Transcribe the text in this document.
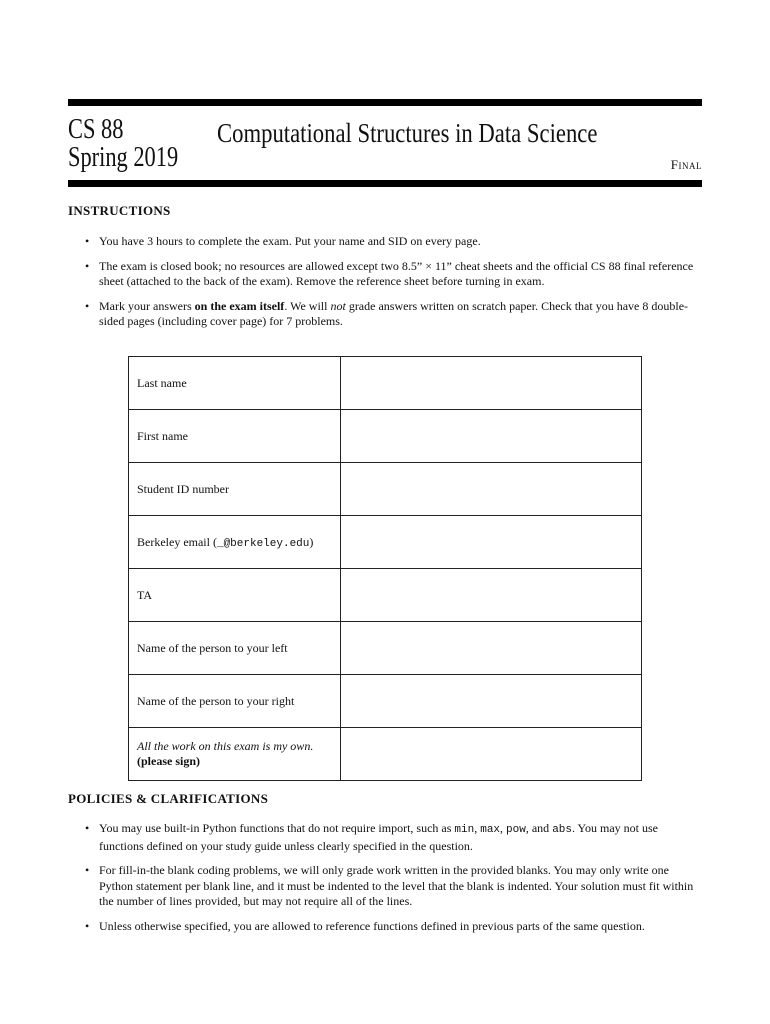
CS 88
Spring 2019
Computational Structures in Data Science
Final
INSTRUCTIONS
• You have 3 hours to complete the exam. Put your name and SID on every page.
• The exam is closed book; no resources are allowed except two 8.5” × 11” cheat sheets and the official CS 88 final reference sheet (attached to the back of the exam). Remove the reference sheet before turning in exam.
• Mark your answers on the exam itself. We will not grade answers written on scratch paper. Check that you have 8 double-sided pages (including cover page) for 7 problems.
Last name	
First name	
Student ID number	
Berkeley email (_@berkeley.edu)	
TA	
Name of the person to your left	
Name of the person to your right	

All the work on this exam is my own.
(please sign)	

POLICIES & CLARIFICATIONS
• You may use built-in Python functions that do not require import, such as min, max, pow, and abs. You may not use functions defined on your study guide unless clearly specified in the question.
• For fill-in-the blank coding problems, we will only grade work written in the provided blanks. You may only write one Python statement per blank line, and it must be indented to the level that the blank is indented. Your solution must fit within the number of lines provided, but may not require all of the lines.
• Unless otherwise specified, you are allowed to reference functions defined in previous parts of the same question.
